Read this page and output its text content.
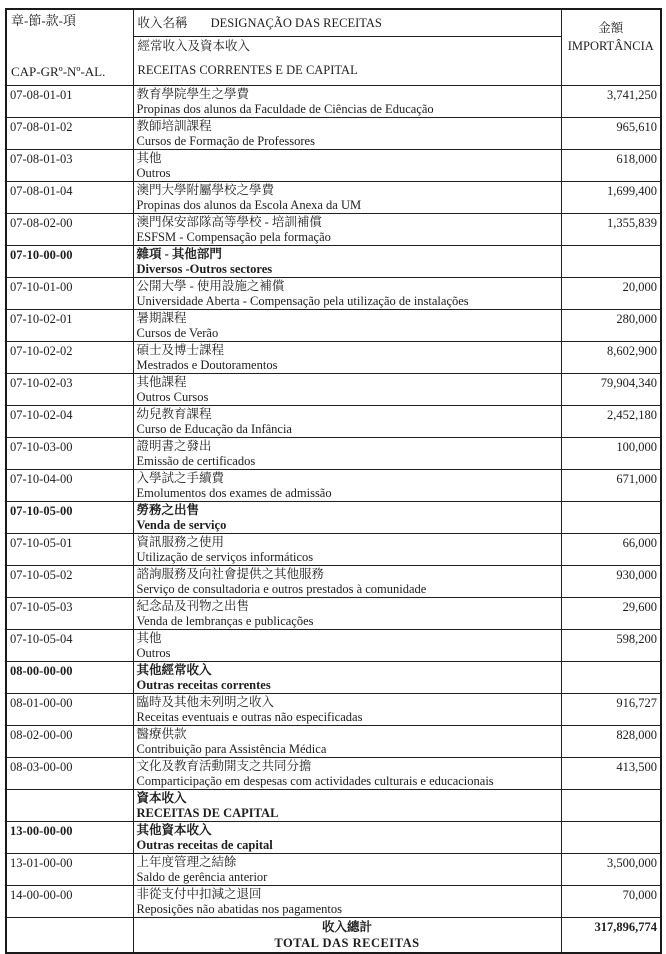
章-節-款-項
CAP-GRº-Nº-AL.
	收入名稱 DESIGNAÇÃO DAS RECEITAS	金額
IMPORTÂNCIA

	經常收入及資本收入
RECEITAS CORRENTES E DE CAPITAL	

07-08-01-01	教育學院學生之學費
Propinas dos alunos da Faculdade de Ciências de Educação	3,741,250
07-08-01-02	教師培訓課程
Cursos de Formação de Professores	965,610
07-08-01-03	其他
Outros	618,000
07-08-01-04	澳門大學附屬學校之學費
Propinas dos alunos da Escola Anexa da UM	1,699,400
07-08-02-00	澳門保安部隊高等學校 - 培訓補償
ESFSM - Compensação pela formação	1,355,839
07-10-00-00	雜項 - 其他部門
Diversos -Outros sectores	

07-10-01-00	公開大學 - 使用設施之補償
Universidade Aberta - Compensação pela utilização de instalações	20,000
07-10-02-01	暑期課程
Cursos de Verão	280,000
07-10-02-02	碩士及博士課程
Mestrados e Doutoramentos	8,602,900
07-10-02-03	其他課程
Outros Cursos	79,904,340
07-10-02-04	幼兒教育課程
Curso de Educação da Infância	2,452,180
07-10-03-00	證明書之發出
Emissão de certificados	100,000
07-10-04-00	入學試之手續費
Emolumentos dos exames de admissão	671,000
07-10-05-00	勞務之出售
Venda de serviço	

07-10-05-01	資訊服務之使用
Utilização de serviços informáticos	66,000
07-10-05-02	諮詢服務及向社會提供之其他服務
Serviço de consultadoria e outros prestados à comunidade	930,000
07-10-05-03	紀念品及刊物之出售
Venda de lembranças e publicações	29,600
07-10-05-04	其他
Outros	598,200
08-00-00-00	其他經常收入
Outras receitas correntes	

08-01-00-00	臨時及其他未列明之收入
Receitas eventuais e outras não especificadas	916,727
08-02-00-00	醫療供款
Contribuição para Assistência Médica	828,000
08-03-00-00	文化及教育活動開支之共同分擔
Comparticipação em despesas com actividades culturais e educacionais	413,500

	資本收入
RECEITAS DE CAPITAL	

13-00-00-00	其他資本收入
Outras receitas de capital	

13-01-00-00	上年度管理之結餘
Saldo de gerência anterior	3,500,000
14-00-00-00	非從支付中扣減之退回
Reposições não abatidas nos pagamentos	70,000

	收入總計
TOTAL DAS RECEITAS	317,896,774
